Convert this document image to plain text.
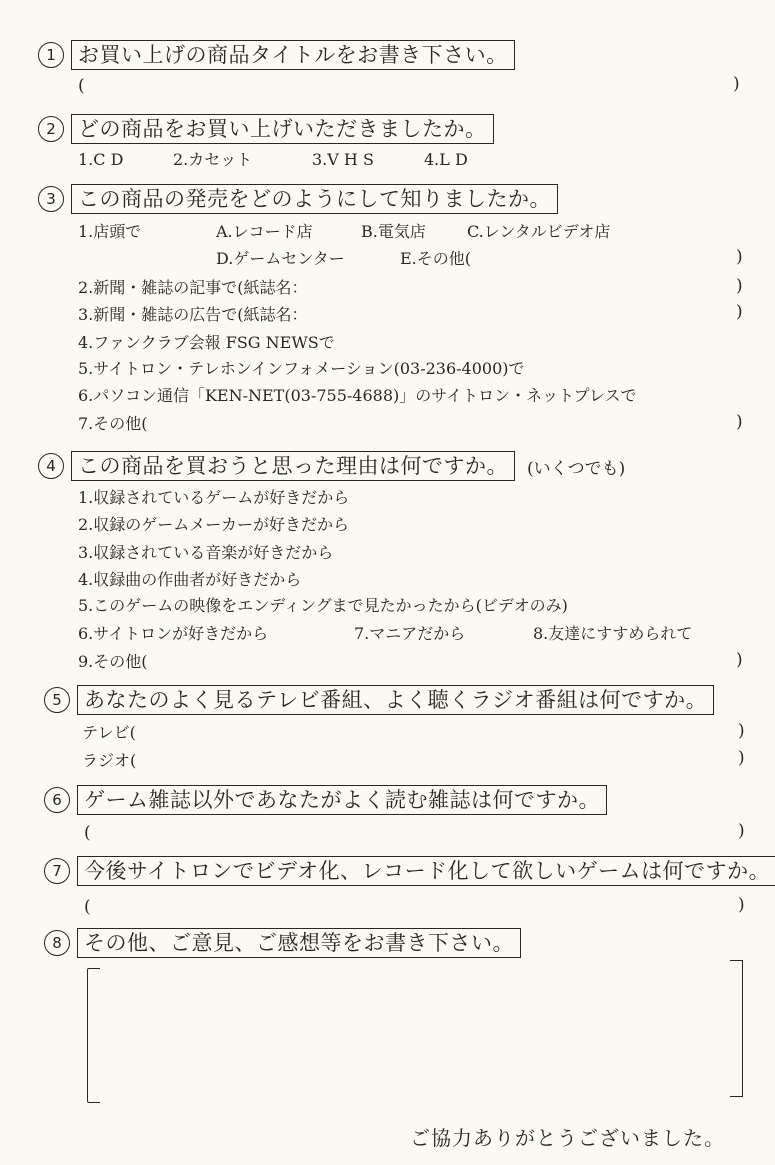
1	お買い上げの商品タイトルをお書き下さい。
(	)
2	どの商品をお買い上げいただきましたか。
1.C D	2.カセット	3.V H S	4.L D
3	この商品の発売をどのようにして知りましたか。
1.店頭で	A.レコード店	B.電気店	C.レンタルビデオ店
D.ゲームセンター	E.その他(	)
2.新聞・雑誌の記事で(紙誌名：	)
3.新聞・雑誌の広告で(紙誌名：	)
4.ファンクラブ会報 FSG NEWSで
5.サイトロン・テレホンインフォメーション(03-236-4000)で
6.パソコン通信「KEN-NET(03-755-4688)」のサイトロン・ネットプレスで
7.その他(	)
4	この商品を買おうと思った理由は何ですか。	(いくつでも)
1.収録されているゲームが好きだから
2.収録のゲームメーカーが好きだから
3.収録されている音楽が好きだから
4.収録曲の作曲者が好きだから
5.このゲームの映像をエンディングまで見たかったから(ビデオのみ)
6.サイトロンが好きだから	7.マニアだから	8.友達にすすめられて
9.その他(	)
5	あなたのよく見るテレビ番組、よく聴くラジオ番組は何ですか。
テレビ(	)
ラジオ(	)
6	ゲーム雑誌以外であなたがよく読む雑誌は何ですか。
(	)
7	今後サイトロンでビデオ化、レコード化して欲しいゲームは何ですか。
(	)
8	その他、ご意見、ご感想等をお書き下さい。
ご協力ありがとうございました。
